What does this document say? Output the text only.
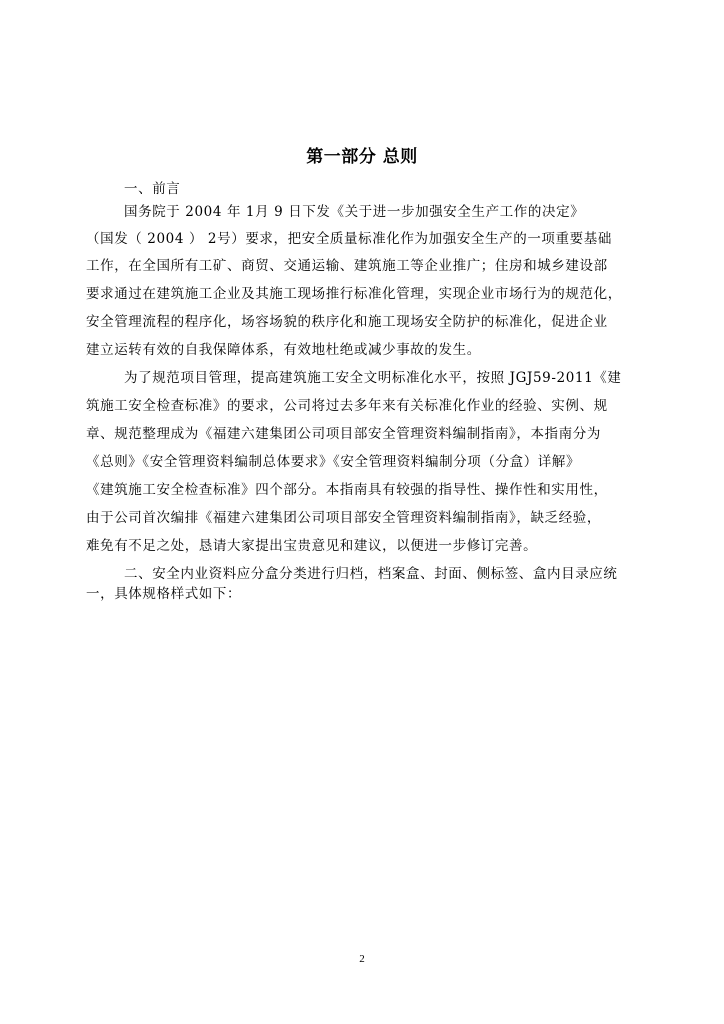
第一部分 总则
一、前言
国务院于 2004 年 1月 9 日下发《关于进一步加强安全生产工作的决定》
（国发（ 2004 ） 2号）要求，把安全质量标准化作为加强安全生产的一项重要基础
工作，在全国所有工矿、商贸、交通运输、建筑施工等企业推广；住房和城乡建设部
要求通过在建筑施工企业及其施工现场推行标准化管理，实现企业市场行为的规范化，
安全管理流程的程序化，场容场貌的秩序化和施工现场安全防护的标准化，促进企业
建立运转有效的自我保障体系，有效地杜绝或减少事故的发生。
为了规范项目管理，提高建筑施工安全文明标准化水平，按照 JGJ59-2011《建
筑施工安全检查标准》的要求，公司将过去多年来有关标准化作业的经验、实例、规
章、规范整理成为《福建六建集团公司项目部安全管理资料编制指南》，本指南分为
《总则》《安全管理资料编制总体要求》《安全管理资料编制分项（分盒）详解》
《建筑施工安全检查标准》四个部分。本指南具有较强的指导性、操作性和实用性，
由于公司首次编排《福建六建集团公司项目部安全管理资料编制指南》，缺乏经验，
难免有不足之处，恳请大家提出宝贵意见和建议，以便进一步修订完善。
二、安全内业资料应分盒分类进行归档，档案盒、封面、侧标签、盒内目录应统
一，具体规格样式如下：
2
